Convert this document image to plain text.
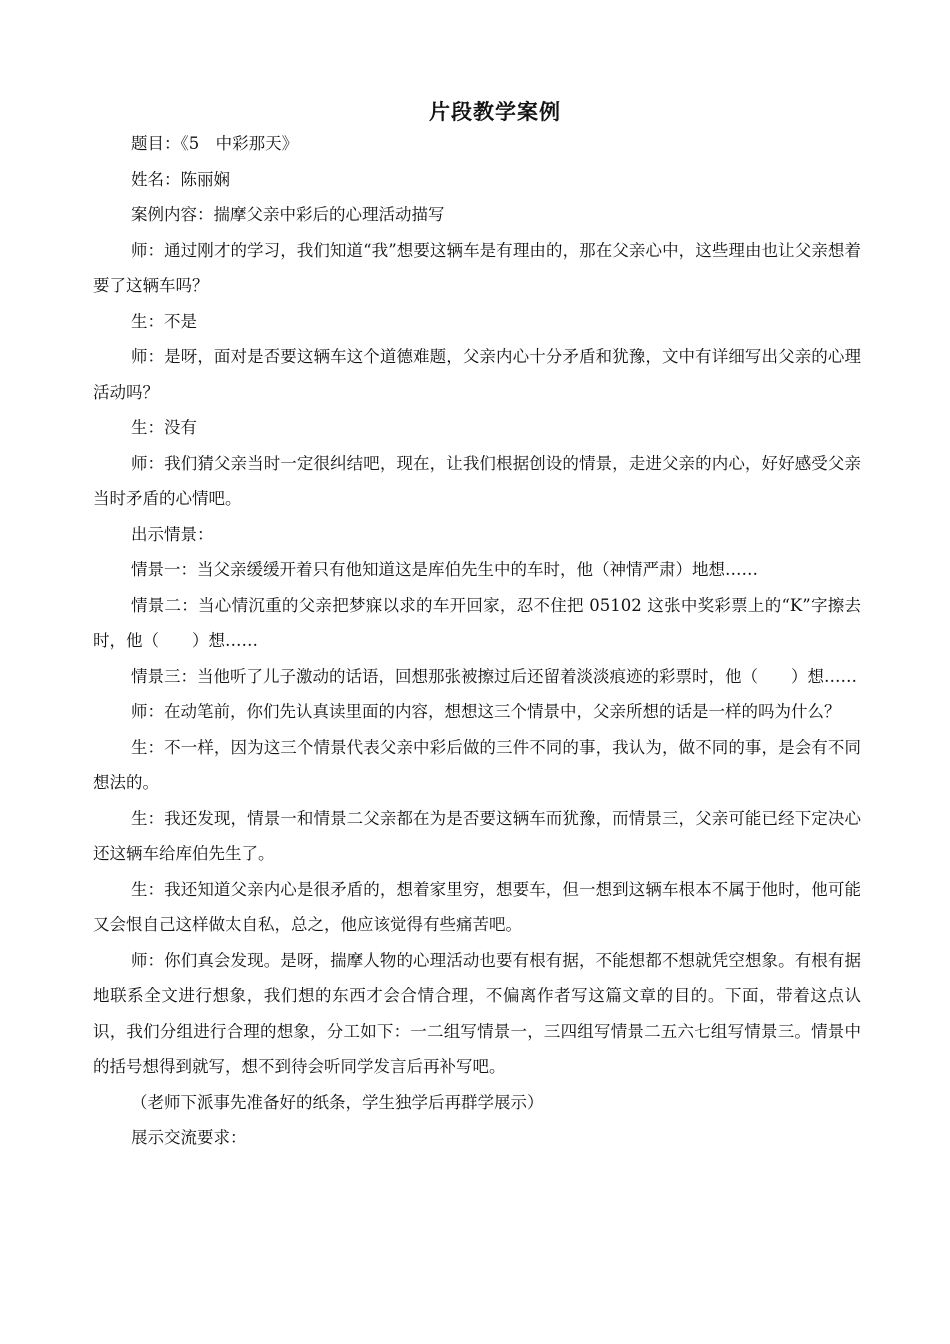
片段教学案例

题目：《5　中彩那天》

姓名：陈丽娴

案例内容：揣摩父亲中彩后的心理活动描写

师：通过刚才的学习，我们知道“我”想要这辆车是有理由的，那在父亲心中，这些理由也让父亲想着要了这辆车吗？

生：不是

师：是呀，面对是否要这辆车这个道德难题，父亲内心十分矛盾和犹豫，文中有详细写出父亲的心理活动吗？

生：没有

师：我们猜父亲当时一定很纠结吧，现在，让我们根据创设的情景，走进父亲的内心，好好感受父亲当时矛盾的心情吧。

出示情景：

情景一：当父亲缓缓开着只有他知道这是库伯先生中的车时，他（神情严肃）地想……

情景二：当心情沉重的父亲把梦寐以求的车开回家，忍不住把 05102 这张中奖彩票上的“K”字擦去时，他（　　）想……

情景三：当他听了儿子激动的话语，回想那张被擦过后还留着淡淡痕迹的彩票时，他（　　）想……

师：在动笔前，你们先认真读里面的内容，想想这三个情景中，父亲所想的话是一样的吗为什么？

生：不一样，因为这三个情景代表父亲中彩后做的三件不同的事，我认为，做不同的事，是会有不同想法的。

生：我还发现，情景一和情景二父亲都在为是否要这辆车而犹豫，而情景三，父亲可能已经下定决心还这辆车给库伯先生了。

生：我还知道父亲内心是很矛盾的，想着家里穷，想要车，但一想到这辆车根本不属于他时，他可能又会恨自己这样做太自私，总之，他应该觉得有些痛苦吧。

师：你们真会发现。是呀，揣摩人物的心理活动也要有根有据，不能想都不想就凭空想象。有根有据地联系全文进行想象，我们想的东西才会合情合理，不偏离作者写这篇文章的目的。下面，带着这点认识，我们分组进行合理的想象，分工如下：一二组写情景一，三四组写情景二五六七组写情景三。情景中的括号想得到就写，想不到待会听同学发言后再补写吧。

（老师下派事先准备好的纸条，学生独学后再群学展示）

展示交流要求：
